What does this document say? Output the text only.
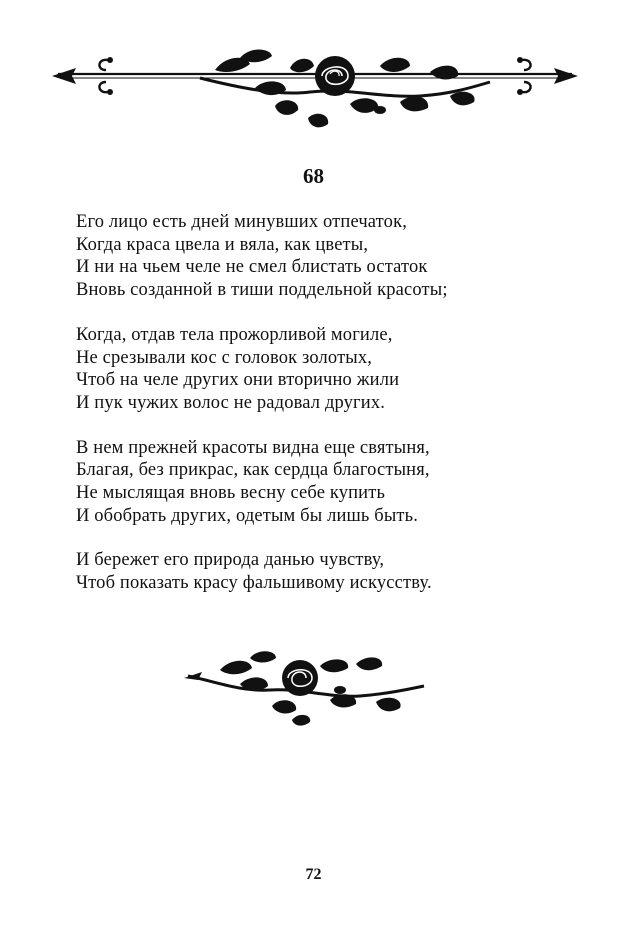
68
Его лицо есть дней минувших отпечаток,
Когда краса цвела и вяла, как цветы,
И ни на чьем челе не смел блистать остаток
Вновь созданной в тиши поддельной красоты;
Когда, отдав тела прожорливой могиле,
Не срезывали кос с головок золотых,
Чтоб на челе других они вторично жили
И пук чужих волос не радовал других.
В нем прежней красоты видна еще святыня,
Благая, без прикрас, как сердца благостыня,
Не мыслящая вновь весну себе купить
И обобрать других, одетым бы лишь быть.
И бережет его природа данью чувству,
Чтоб показать красу фальшивому искусству.
72
